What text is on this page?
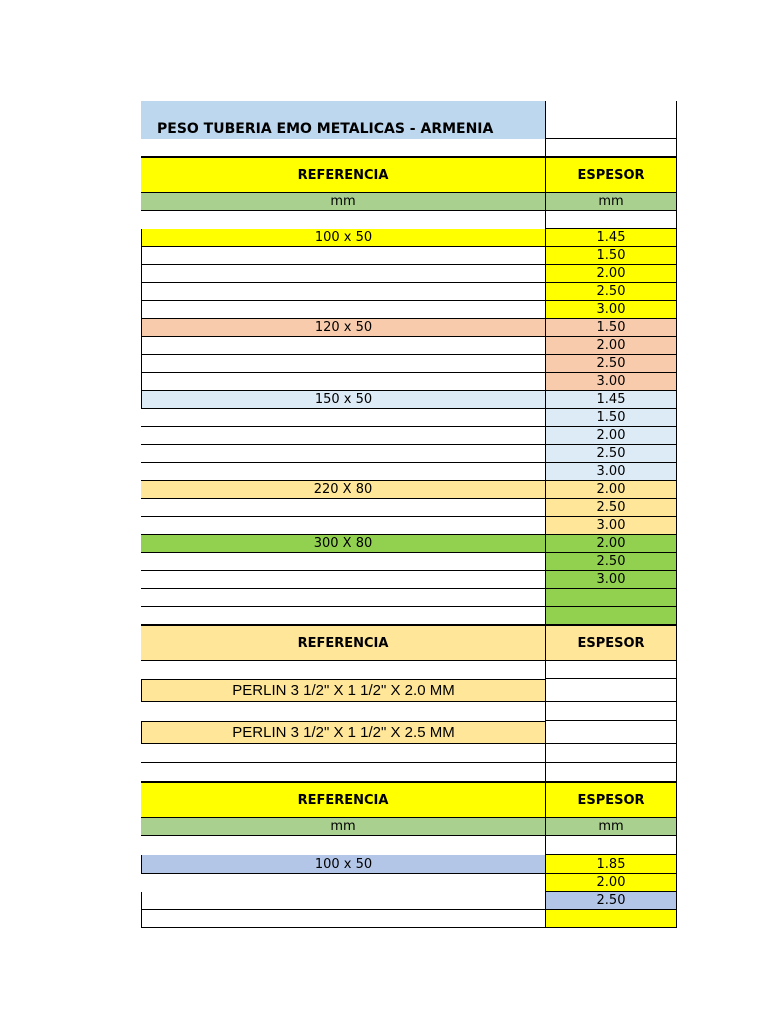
PESO TUBERIA EMO METALICAS - ARMENIA
REFERENCIA	ESPESOR
mm	mm
100 x 50	1.45
1.50
2.00
2.50
3.00
120 x 50	1.50
2.00
2.50
3.00
150 x 50	1.45
1.50
2.00
2.50
3.00
220 X 80	2.00
2.50
3.00
300 X 80	2.00
2.50
3.00
REFERENCIA	ESPESOR
PERLIN 3 1/2" X 1 1/2" X 2.0 MM
PERLIN 3 1/2" X 1 1/2" X 2.5 MM
REFERENCIA	ESPESOR
mm	mm
100 x 50	1.85
2.00
2.50
